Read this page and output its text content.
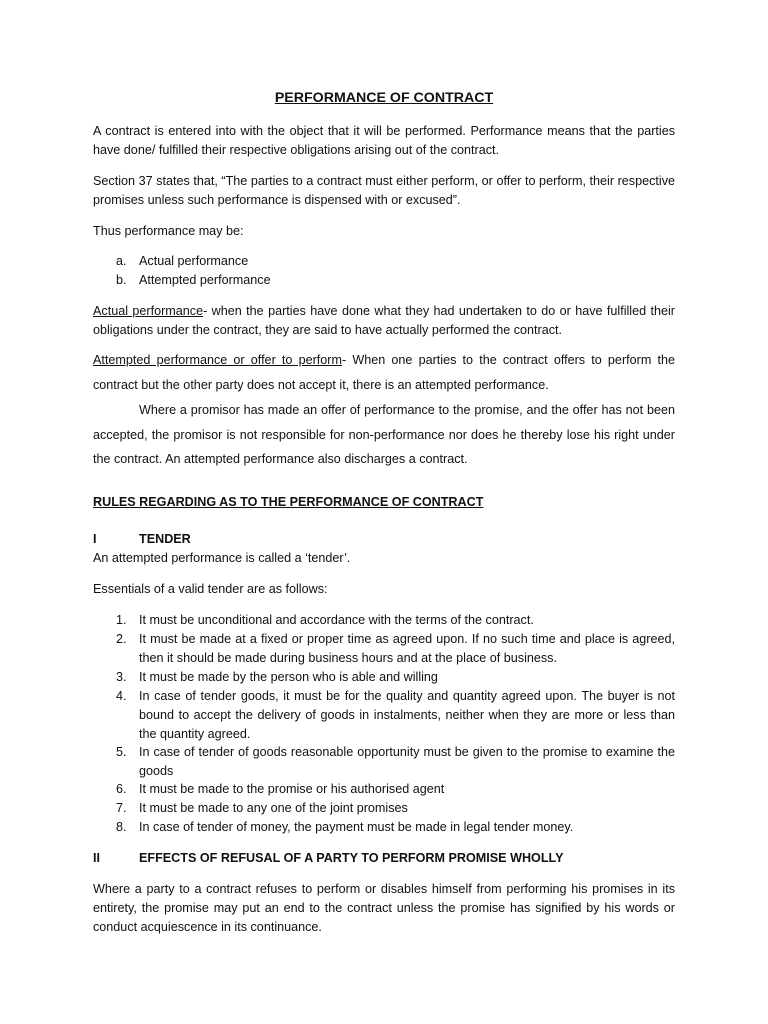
PERFORMANCE OF CONTRACT

A contract is entered into with the object that it will be performed. Performance means that the parties have done/ fulfilled their respective obligations arising out of the contract.

Section 37 states that, “The parties to a contract must either perform, or offer to perform, their respective promises unless such performance is dispensed with or excused”.

Thus performance may be:

a. Actual performance
b. Attempted performance

Actual performance- when the parties have done what they had undertaken to do or have fulfilled their obligations under the contract, they are said to have actually performed the contract.

Attempted performance or offer to perform- When one parties to the contract offers to perform the contract but the other party does not accept it, there is an attempted performance.

Where a promisor has made an offer of performance to the promise, and the offer has not been accepted, the promisor is not responsible for non-performance nor does he thereby lose his right under the contract. An attempted performance also discharges a contract.

RULES REGARDING AS TO THE PERFORMANCE OF CONTRACT

I	TENDER

An attempted performance is called a ‘tender’.

Essentials of a valid tender are as follows:

1. It must be unconditional and accordance with the terms of the contract.
2. It must be made at a fixed or proper time as agreed upon. If no such time and place is agreed, then it should be made during business hours and at the place of business.
3. It must be made by the person who is able and willing
4. In case of tender goods, it must be for the quality and quantity agreed upon. The buyer is not bound to accept the delivery of goods in instalments, neither when they are more or less than the quantity agreed.
5. In case of tender of goods reasonable opportunity must be given to the promise to examine the goods
6. It must be made to the promise or his authorised agent
7. It must be made to any one of the joint promises
8. In case of tender of money, the payment must be made in legal tender money.
II	EFFECTS OF REFUSAL OF A PARTY TO PERFORM PROMISE WHOLLY

Where a party to a contract refuses to perform or disables himself from performing his promises in its entirety, the promise may put an end to the contract unless the promise has signified by his words or conduct acquiescence in its continuance.
